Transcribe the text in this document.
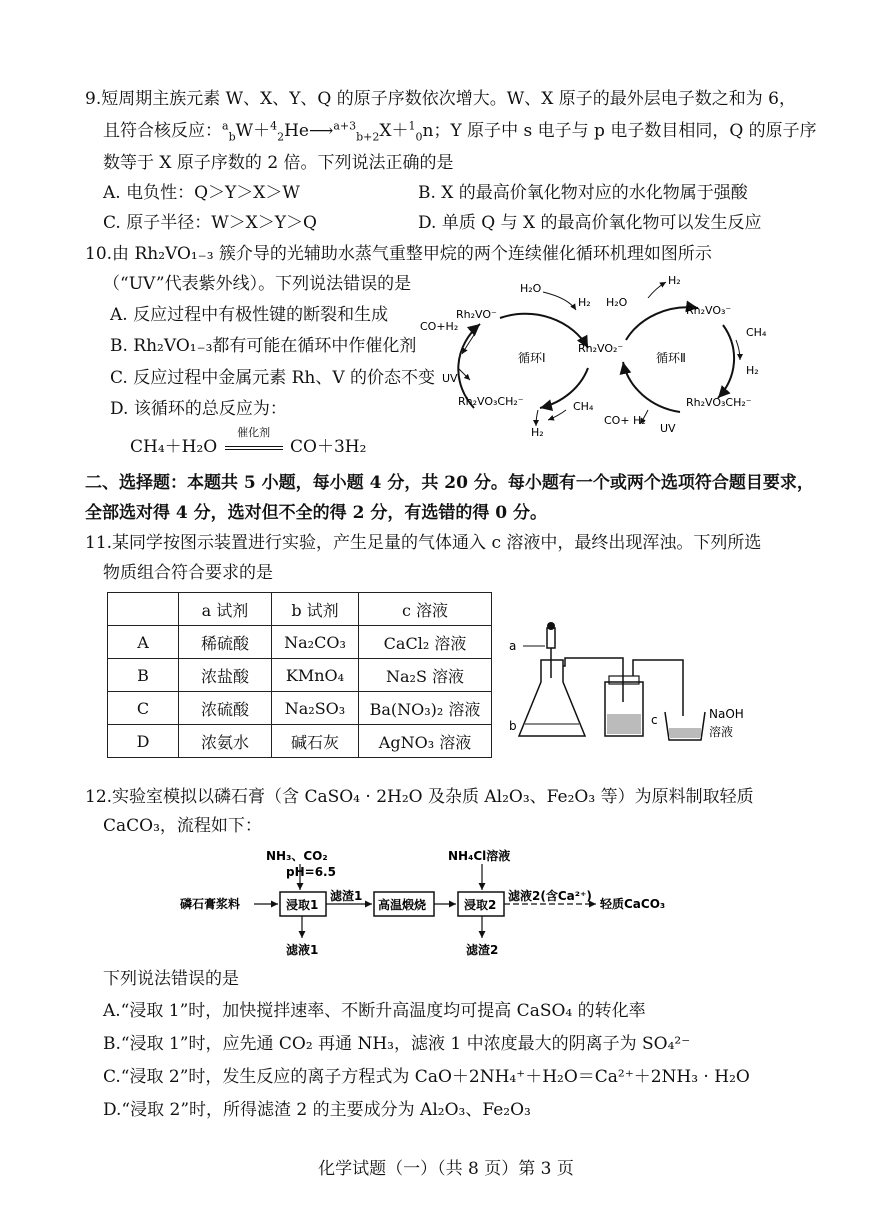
9.短周期主族元素 W、X、Y、Q 的原子序数依次增大。W、X 原子的最外层电子数之和为 6，
且符合核反应：$^a_b$W＋$^4_2$He⟶$^{a+3}_{b+2}$X＋$^1_0$n；Y 原子中 s 电子与 p 电子数目相同，Q 的原子序
数等于 X 原子序数的 2 倍。下列说法正确的是
A. 电负性：Q＞Y＞X＞W	B. X 的最高价氧化物对应的水化物属于强酸
C. 原子半径：W＞X＞Y＞Q	D. 单质 Q 与 X 的最高价氧化物可以发生反应
10.由 Rh₂VO₁₋₃ 簇介导的光辅助水蒸气重整甲烷的两个连续催化循环机理如图所示
（“UV”代表紫外线）。下列说法错误的是
A. 反应过程中有极性键的断裂和生成
B. Rh₂VO₁₋₃都有可能在循环中作催化剂
C. 反应过程中金属元素 Rh、V 的价态不变
D. 该循环的总反应为：
CH₄＋H₂O
催化剂
CO＋3H₂
H₂O
H₂
Rh₂VO⁻
CO+H₂
UV
Rh₂VO₃CH₂⁻	CH₄
H₂
循环Ⅰ
Rh₂VO₂⁻
H₂O
H₂
Rh₂VO₃⁻
CH₄
H₂
Rh₂VO₃CH₂⁻
循环Ⅱ
CO+ H₂
UV
二、选择题：本题共 5 小题，每小题 4 分，共 20 分。每小题有一个或两个选项符合题目要求，
全部选对得 4 分，选对但不全的得 2 分，有选错的得 0 分。
11.某同学按图示装置进行实验，产生足量的气体通入 c 溶液中，最终出现浑浊。下列所选
物质组合符合要求的是
	a 试剂	b 试剂	c 溶液
A	稀硫酸	Na₂CO₃	CaCl₂ 溶液
B	浓盐酸	KMnO₄	Na₂S 溶液
C	浓硫酸	Na₂SO₃	Ba(NO₃)₂ 溶液
D	浓氨水	碱石灰	AgNO₃ 溶液
a
b	c	NaOH
溶液
12.实验室模拟以磷石膏（含 CaSO₄ · 2H₂O 及杂质 Al₂O₃、Fe₂O₃ 等）为原料制取轻质
CaCO₃，流程如下：
NH₃、CO₂
pH=6.5
磷石膏浆料	浸取1
滤渣1
高温煅烧
NH₄Cl溶液
浸取2
滤液2(含Ca²⁺)
轻质CaCO₃
滤液1	滤渣2
下列说法错误的是
A.“浸取 1”时，加快搅拌速率、不断升高温度均可提高 CaSO₄ 的转化率
B.“浸取 1”时，应先通 CO₂ 再通 NH₃，滤液 1 中浓度最大的阴离子为 SO₄²⁻
C.“浸取 2”时，发生反应的离子方程式为 CaO＋2NH₄⁺＋H₂O＝Ca²⁺＋2NH₃ · H₂O
D.“浸取 2”时，所得滤渣 2 的主要成分为 Al₂O₃、Fe₂O₃
化学试题（一）（共 8 页）第 3 页
